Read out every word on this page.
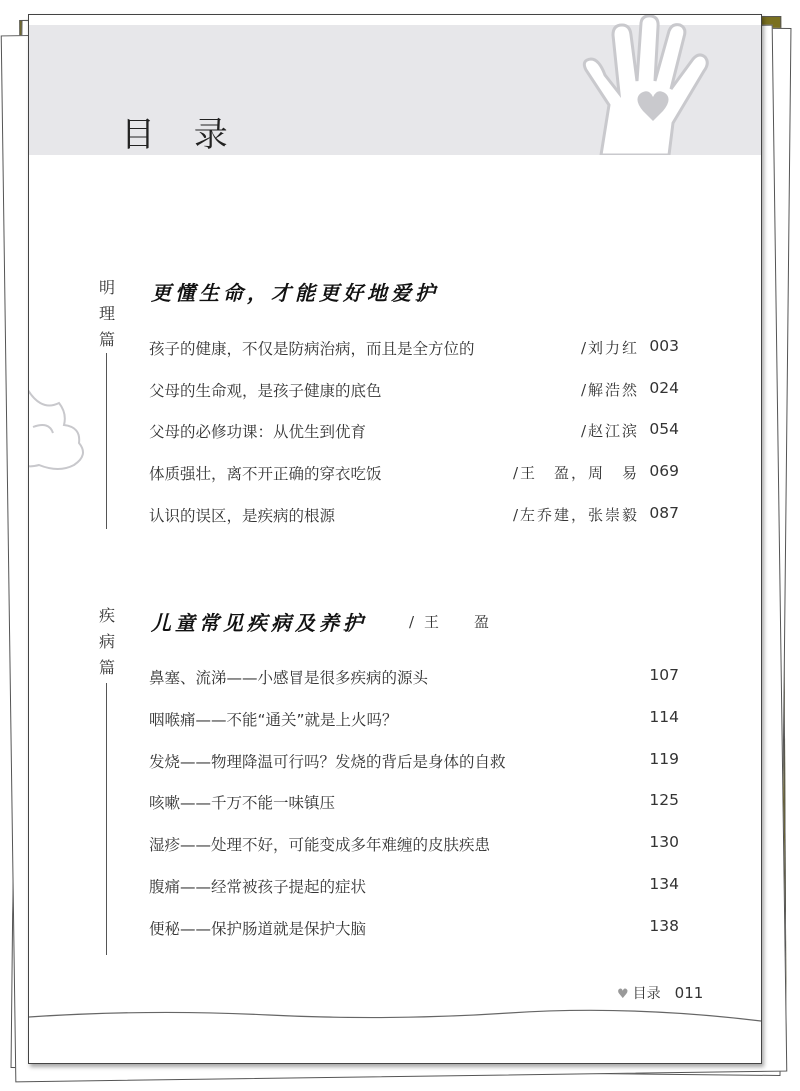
目 录
明
理
篇
更懂生命，才能更好地爱护
孩子的健康，不仅是防病治病，而且是全方位的	/刘力红 003
父母的生命观，是孩子健康的底色	/解浩然 024
父母的必修功课：从优生到优育	/赵江滨 054
体质强壮，离不开正确的穿衣吃饭	/王　盈，周　易 069
认识的误区，是疾病的根源	/左乔建，张崇毅 087
疾
病
篇
儿童常见疾病及养护	/王　盈
鼻塞、流涕——小感冒是很多疾病的源头	107
咽喉痛——不能“通关”就是上火吗？	114
发烧——物理降温可行吗？发烧的背后是身体的自救	119
咳嗽——千万不能一味镇压	125
湿疹——处理不好，可能变成多年难缠的皮肤疾患	130
腹痛——经常被孩子提起的症状	134
便秘——保护肠道就是保护大脑	138
♥ 目录 011
